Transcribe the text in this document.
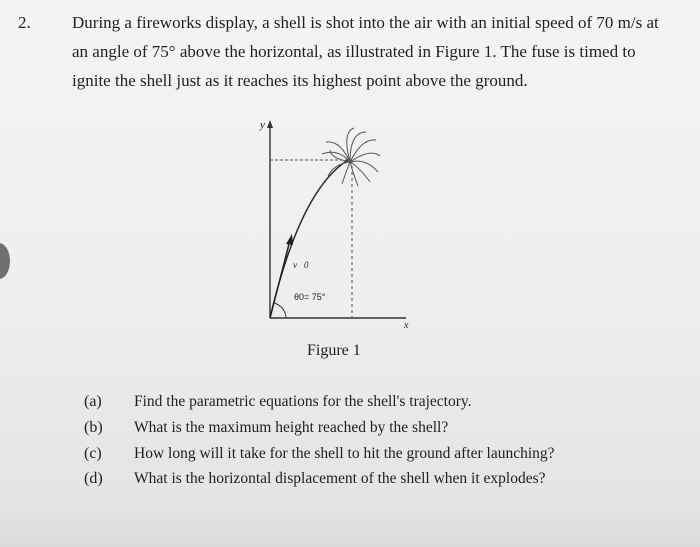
2. During a fireworks display, a shell is shot into the air with an initial speed of 70 m/s at
an angle of 75° above the horizontal, as illustrated in Figure 1. The fuse is timed to
ignite the shell just as it reaches its highest point above the ground.
y
x
v⃗0
θ0= 75°
Figure 1
(a) Find the parametric equations for the shell's trajectory.
(b) What is the maximum height reached by the shell?
(c) How long will it take for the shell to hit the ground after launching?
(d) What is the horizontal displacement of the shell when it explodes?
